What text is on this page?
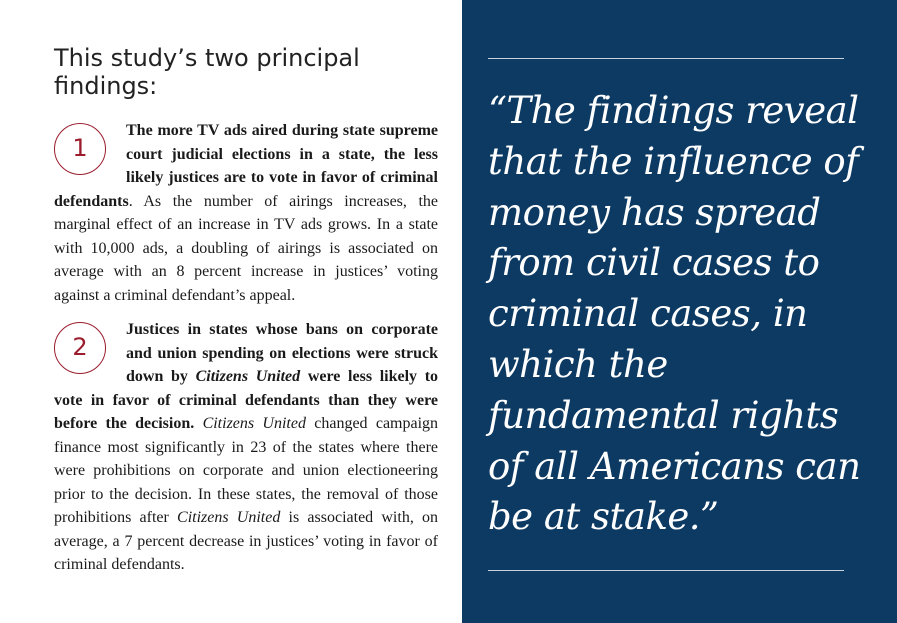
This study’s two principal findings:
1
The more TV ads aired during state supreme court judicial elections in a state, the less likely justices are to vote in favor of criminal defendants. As the number of airings increases, the marginal effect of an increase in TV ads grows. In a state with 10,000 ads, a doubling of airings is associated on average with an 8 percent increase in justices’ voting against a criminal defendant’s appeal.
2
Justices in states whose bans on corporate and union spending on elections were struck down by Citizens United were less likely to vote in favor of criminal defendants than they were before the decision. Citizens United changed campaign finance most significantly in 23 of the states where there were prohibitions on corporate and union electioneering prior to the decision. In these states, the removal of those prohibitions after Citizens United is associated with, on average, a 7 percent decrease in justices’ voting in favor of criminal defendants.

“The findings reveal that the influence of money has spread from civil cases to criminal cases, in which the fundamental rights of all Americans can be at stake.”
